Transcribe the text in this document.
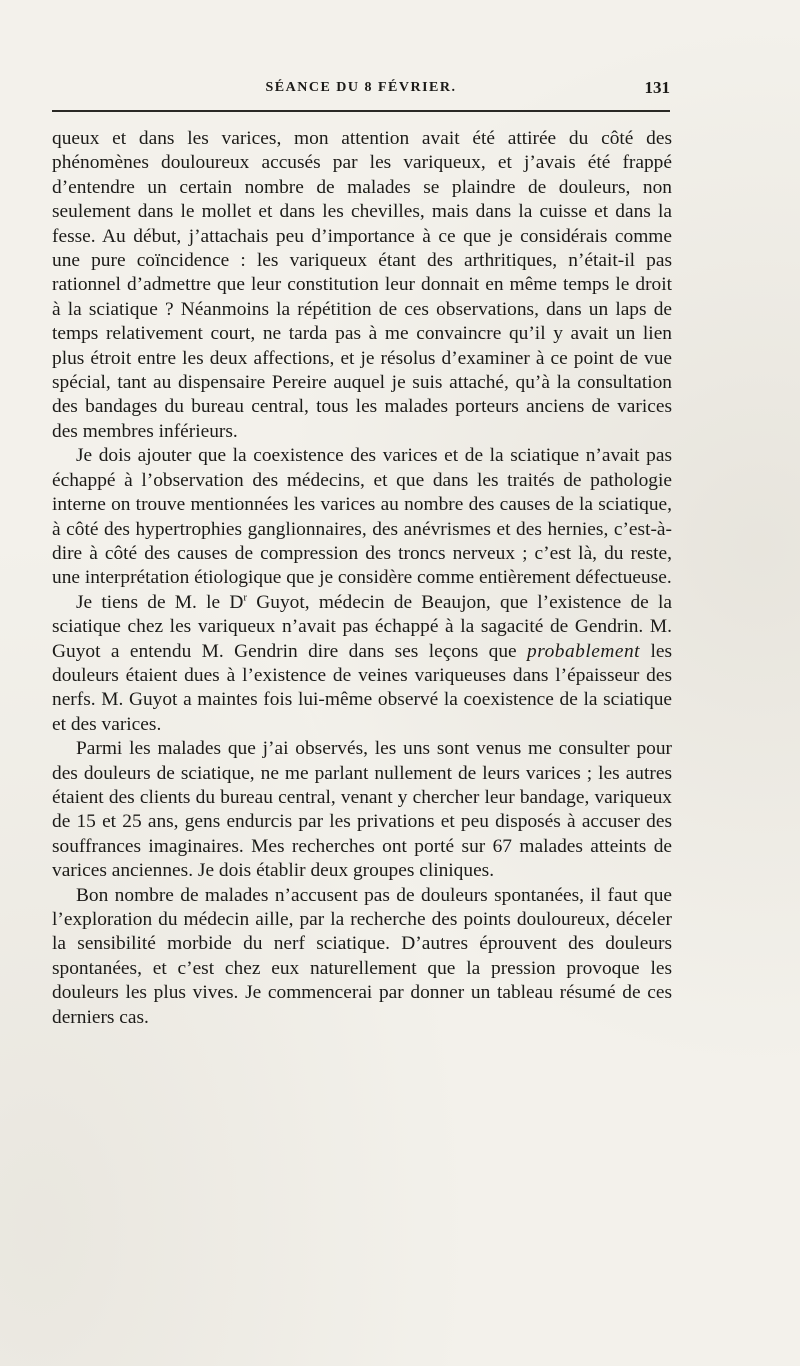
SÉANCE DU 8 FÉVRIER.	131

queux et dans les varices, mon attention avait été attirée du côté des phénomènes douloureux accusés par les variqueux, et j’avais été frappé d’entendre un certain nombre de malades se plaindre de douleurs, non seulement dans le mollet et dans les chevilles, mais dans la cuisse et dans la fesse. Au début, j’attachais peu d’importance à ce que je considérais comme une pure coïncidence : les variqueux étant des arthritiques, n’était-il pas rationnel d’admettre que leur constitution leur donnait en même temps le droit à la sciatique ? Néanmoins la répétition de ces observations, dans un laps de temps relativement court, ne tarda pas à me convaincre qu’il y avait un lien plus étroit entre les deux affections, et je résolus d’examiner à ce point de vue spécial, tant au dispensaire Pereire auquel je suis attaché, qu’à la consultation des bandages du bureau central, tous les malades porteurs anciens de varices des membres inférieurs.

Je dois ajouter que la coexistence des varices et de la sciatique n’avait pas échappé à l’observation des médecins, et que dans les traités de pathologie interne on trouve mentionnées les varices au nombre des causes de la sciatique, à côté des hypertrophies ganglionnaires, des anévrismes et des hernies, c’est-à-dire à côté des causes de compression des troncs nerveux ; c’est là, du reste, une interprétation étiologique que je considère comme entièrement défectueuse.

Je tiens de M. le $D^r$ Guyot, médecin de Beaujon, que l’existence de la sciatique chez les variqueux n’avait pas échappé à la sagacité de Gendrin. M. Guyot a entendu M. Gendrin dire dans ses leçons que probablement les douleurs étaient dues à l’existence de veines variqueuses dans l’épaisseur des nerfs. M. Guyot a maintes fois lui-même observé la coexistence de la sciatique et des varices.

Parmi les malades que j’ai observés, les uns sont venus me consulter pour des douleurs de sciatique, ne me parlant nullement de leurs varices ; les autres étaient des clients du bureau central, venant y chercher leur bandage, variqueux de 15 et 25 ans, gens endurcis par les privations et peu disposés à accuser des souffrances imaginaires. Mes recherches ont porté sur 67 malades atteints de varices anciennes. Je dois établir deux groupes cliniques.

Bon nombre de malades n’accusent pas de douleurs spontanées, il faut que l’exploration du médecin aille, par la recherche des points douloureux, déceler la sensibilité morbide du nerf sciatique. D’autres éprouvent des douleurs spontanées, et c’est chez eux naturellement que la pression provoque les douleurs les plus vives. Je commencerai par donner un tableau résumé de ces derniers cas.
